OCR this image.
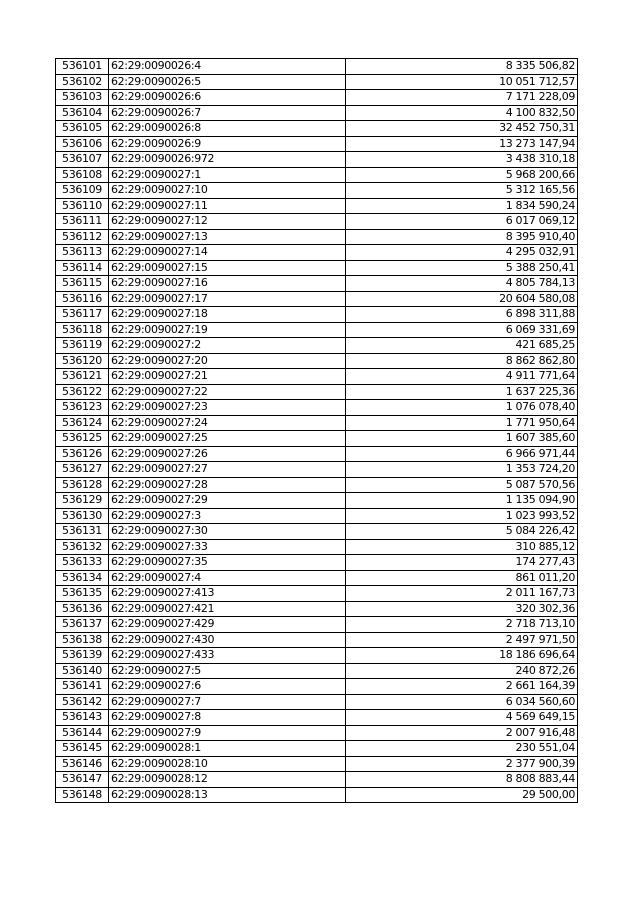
536101	62:29:0090026:4	8 335 506,82
536102	62:29:0090026:5	10 051 712,57
536103	62:29:0090026:6	7 171 228,09
536104	62:29:0090026:7	4 100 832,50
536105	62:29:0090026:8	32 452 750,31
536106	62:29:0090026:9	13 273 147,94
536107	62:29:0090026:972	3 438 310,18
536108	62:29:0090027:1	5 968 200,66
536109	62:29:0090027:10	5 312 165,56
536110	62:29:0090027:11	1 834 590,24
536111	62:29:0090027:12	6 017 069,12
536112	62:29:0090027:13	8 395 910,40
536113	62:29:0090027:14	4 295 032,91
536114	62:29:0090027:15	5 388 250,41
536115	62:29:0090027:16	4 805 784,13
536116	62:29:0090027:17	20 604 580,08
536117	62:29:0090027:18	6 898 311,88
536118	62:29:0090027:19	6 069 331,69
536119	62:29:0090027:2	421 685,25
536120	62:29:0090027:20	8 862 862,80
536121	62:29:0090027:21	4 911 771,64
536122	62:29:0090027:22	1 637 225,36
536123	62:29:0090027:23	1 076 078,40
536124	62:29:0090027:24	1 771 950,64
536125	62:29:0090027:25	1 607 385,60
536126	62:29:0090027:26	6 966 971,44
536127	62:29:0090027:27	1 353 724,20
536128	62:29:0090027:28	5 087 570,56
536129	62:29:0090027:29	1 135 094,90
536130	62:29:0090027:3	1 023 993,52
536131	62:29:0090027:30	5 084 226,42
536132	62:29:0090027:33	310 885,12
536133	62:29:0090027:35	174 277,43
536134	62:29:0090027:4	861 011,20
536135	62:29:0090027:413	2 011 167,73
536136	62:29:0090027:421	320 302,36
536137	62:29:0090027:429	2 718 713,10
536138	62:29:0090027:430	2 497 971,50
536139	62:29:0090027:433	18 186 696,64
536140	62:29:0090027:5	240 872,26
536141	62:29:0090027:6	2 661 164,39
536142	62:29:0090027:7	6 034 560,60
536143	62:29:0090027:8	4 569 649,15
536144	62:29:0090027:9	2 007 916,48
536145	62:29:0090028:1	230 551,04
536146	62:29:0090028:10	2 377 900,39
536147	62:29:0090028:12	8 808 883,44
536148	62:29:0090028:13	29 500,00
